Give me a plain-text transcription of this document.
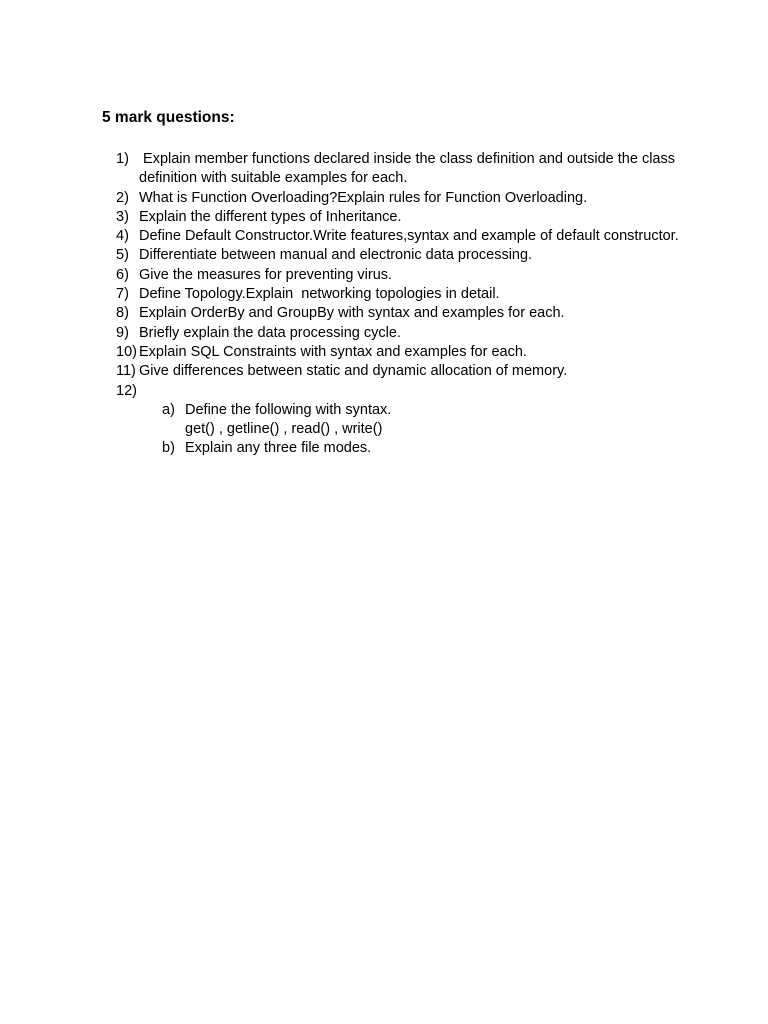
5 mark questions:
1) Explain member functions declared inside the class definition and outside the class definition with suitable examples for each.
2) What is Function Overloading?Explain rules for Function Overloading.
3) Explain the different types of Inheritance.
4) Define Default Constructor.Write features,syntax and example of default constructor.
5) Differentiate between manual and electronic data processing.
6) Give the measures for preventing virus.
7) Define Topology.Explain  networking topologies in detail.
8) Explain OrderBy and GroupBy with syntax and examples for each.
9) Briefly explain the data processing cycle.
10) Explain SQL Constraints with syntax and examples for each.
11) Give differences between static and dynamic allocation of memory.
12)

a) Define the following with syntax.
get() , getline() , read() , write()
b) Explain any three file modes.
